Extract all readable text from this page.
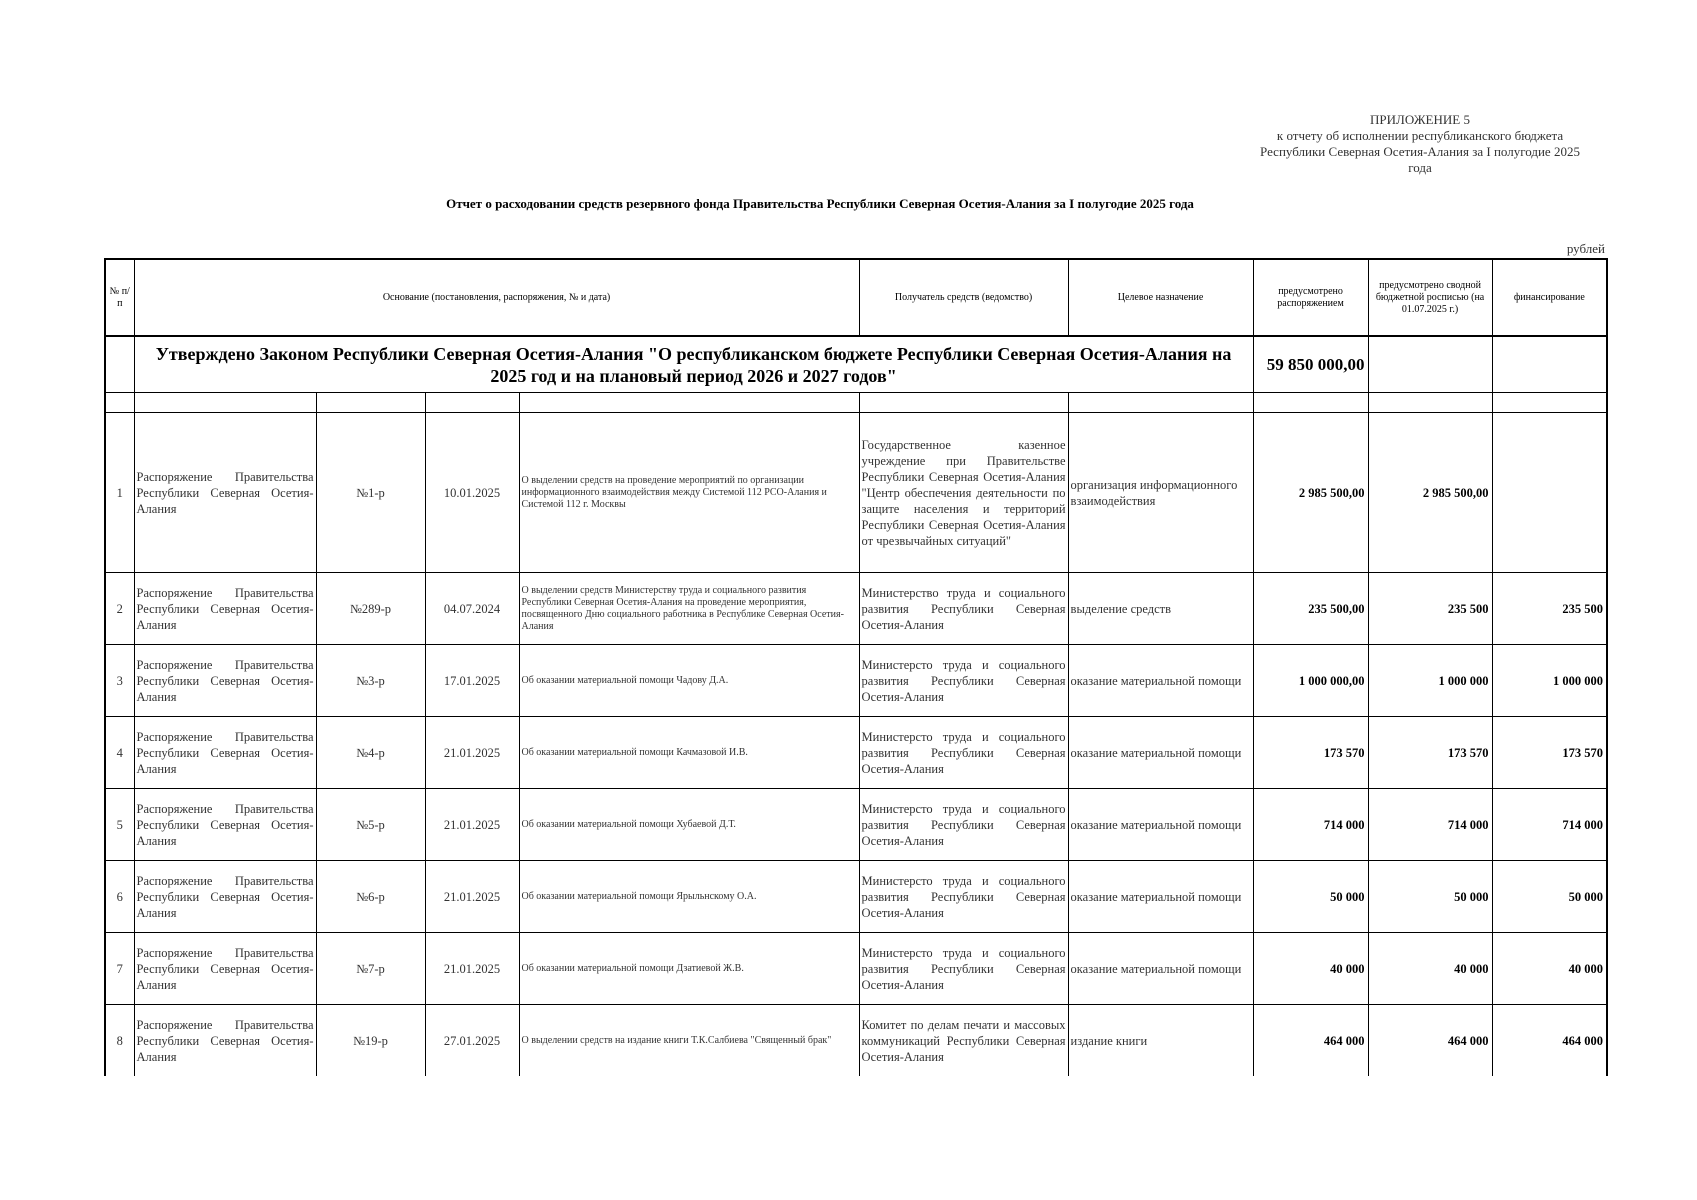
ПРИЛОЖЕНИЕ 5
к отчету об исполнении республиканского бюджета
Республики Северная Осетия-Алания за I полугодие 2025
года
Отчет о расходовании средств резервного фонда Правительства Республики Северная Осетия-Алания за I полугодие 2025 года
рублей
№ п/п	Основание (постановления, распоряжения, № и дата)				Получатель средств (ведомство)	Целевое назначение	предусмотрено распоряжением	предусмотрено сводной бюджетной росписью (на 01.07.2025 г.)	финансирование
	Утверждено Законом Республики Северная Осетия-Алания "О республиканском бюджете Республики Северная Осетия-Алания на 2025 год и на плановый период 2026 и 2027 годов"						59 850 000,00		

1	Распоряжение Правительства Республики Северная Осетия-Алания	№1-р	10.01.2025	О выделении средств на проведение мероприятий по организации информационного взаимодействия между Системой 112 РСО-Алания и Системой 112 г. Москвы	Государственное казенное учреждение при Правительстве Республики Северная Осетия-Алания "Центр обеспечения деятельности по защите населения и территорий Республики Северная Осетия-Алания от чрезвычайных ситуаций"	организация информационного взаимодействия	2 985 500,00	2 985 500,00	
2	Распоряжение Правительства Республики Северная Осетия-Алания	№289-р	04.07.2024	О выделении средств Министерству труда и социального развития Республики Северная Осетия-Алания на проведение мероприятия, посвященного Дню социального работника в Республике Северная Осетия-Алания	Министерство труда и социального развития Республики Северная Осетия-Алания	выделение средств	235 500,00	235 500	235 500
3	Распоряжение Правительства Республики Северная Осетия-Алания	№3-р	17.01.2025	Об оказании материальной помощи Чадову Д.А.	Министерсто труда и социального развития Республики Северная Осетия-Алания	оказание материальной помощи	1 000 000,00	1 000 000	1 000 000
4	Распоряжение Правительства Республики Северная Осетия-Алания	№4-р	21.01.2025	Об оказании материальной помощи Качмазовой И.В.	Министерсто труда и социального развития Республики Северная Осетия-Алания	оказание материальной помощи	173 570	173 570	173 570
5	Распоряжение Правительства Республики Северная Осетия-Алания	№5-р	21.01.2025	Об оказании материальной помощи Хубаевой Д.Т.	Министерсто труда и социального развития Республики Северная Осетия-Алания	оказание материальной помощи	714 000	714 000	714 000
6	Распоряжение Правительства Республики Северная Осетия-Алания	№6-р	21.01.2025	Об оказании материальной помощи Ярыльнскому О.А.	Министерсто труда и социального развития Республики Северная Осетия-Алания	оказание материальной помощи	50 000	50 000	50 000
7	Распоряжение Правительства Республики Северная Осетия-Алания	№7-р	21.01.2025	Об оказании материальной помощи Дзатиевой Ж.В.	Министерсто труда и социального развития Республики Северная Осетия-Алания	оказание материальной помощи	40 000	40 000	40 000
8	Распоряжение Правительства Республики Северная Осетия-Алания	№19-р	27.01.2025	О выделении средств на издание книги Т.К.Салбиева "Священный брак"	Комитет по делам печати и массовых коммуникаций Республики Северная Осетия-Алания	издание книги	464 000	464 000	464 000
